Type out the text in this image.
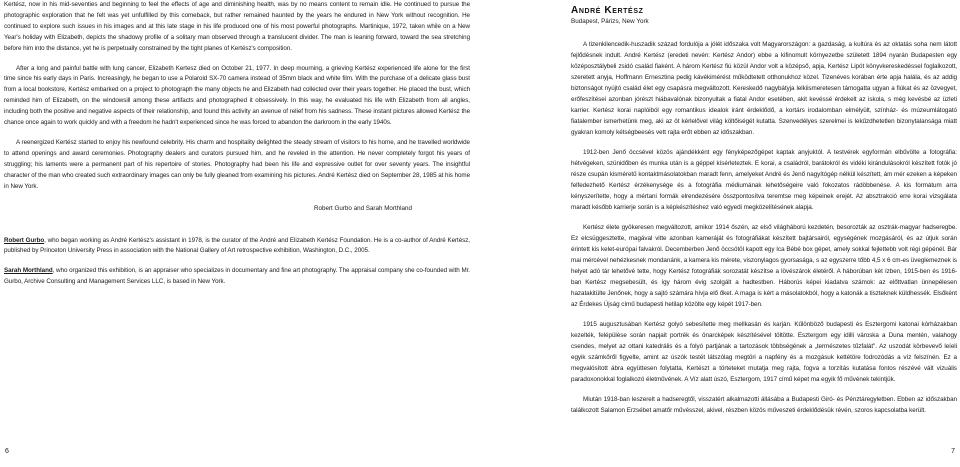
Kertész, now in his mid-seventies and beginning to feel the effects of age and diminishing health, was by no means content to remain idle. He continued to pursue the photographic exploration that he felt was yet unfulfilled by this comeback, but rather remained haunted by the years he endured in New York without recognition. He continued to explore such issues in his images and at this late stage in his life produced one of his most powerful photographs. Martinique, 1972, taken while on a New Year's holiday with Elizabeth, depicts the shadowy profile of a solitary man observed through a translucent divider. The man is leaning forward, toward the sea stretching before him into the distance, yet he is perpetually constrained by the tight planes of Kertész's composition.

After a long and painful battle with lung cancer, Elizabeth Kertesz died on October 21, 1977. In deep mourning, a grieving Kertész experienced life alone for the first time since his early days in Paris. Increasingly, he began to use a Polaroid SX-70 camera instead of 35mm black and white film. With the purchase of a delicate glass bust from a local bookstore, Kertész embarked on a project to photograph the many objects he and Elizabeth had collected over their years together. He placed the bust, which reminded him of Elizabeth, on the windowsill among these artifacts and photographed it obsessively. In this way, he evaluated his life with Elizabeth from all angles, including both the positive and negative aspects of their relationship, and found this activity an avenue of relief from his sadness. These instant pictures allowed Kertész the chance once again to work quickly and with a freedom he hadn't experienced since he was forced to abandon the darkroom in the early 1940s.

A reenergized Kertész started to enjoy his newfound celebrity. His charm and hospitality delighted the steady stream of visitors to his home, and he travelled worldwide to attend openings and award ceremonies. Photography dealers and curators pursued him, and he reveled in the attention. He never completely forgot his years of struggling; his laments were a permanent part of his repertoire of stories. Photography had been his life and expressive outlet for over seventy years. The insightful character of the man who created such extraordinary images can only be fully gleaned from examining his pictures. André Kertész died on September 28, 1985 at his home in New York.

Robert Gurbo and Sarah Morthland

Robert Gurbo, who began working as André Kertész's assistant in 1978, is the curator of the André and Elizabeth Kertész Foundation. He is a co-author of André Kertész, published by Princeton University Press in association with the National Gallery of Art retrospective exhibition, Washington, D.C., 2005.

Sarah Morthland, who organized this exhibition, is an appraiser who specializes in documentary and fine art photography. The appraisal company she co-founded with Mr. Gurbo, Archive Consulting and Management Services LLC, is based in New York.

6
André Kertész

Budapest, Párizs, New York

A tizenkilencedik-huszadik század fordulója a jólét időszaka volt Magyarországon: a gazdaság, a kultúra és az oktatás soha nem látott fejlődésnek indult. André Kertész (eredeti nevén: Kertész Andor) ebbe a kifinomult környezetbe született 1894 nyarán Budapesten egy középosztálybeli zsidó család fiaként. A három Kertész fiú közül Andor volt a középső, apja, Kertész Lipót könyvkereskedéssel foglalkozott, szeretett anyja, Hoffmann Ernesztina pedig kávékimérést működtetett otthonukhoz közel. Tizenéves korában érte apja halála, és az addig biztonságot nyújtó család élet egy csapásra megváltozott. Kereskedő nagybátyja lelkiismeretesen támogatta ugyan a fiúkat és az özvegyet, erőfeszítései azonban jórészt hiábavalónak bizonyultak a fiatal Andor esetében, akit kevéssé érdekelt az iskola, s még kevésbé az üzleti karrier. Kertész korai naplóiból egy romantikus idealok iránt érdeklődő, a kortárs irodalomban elmélyült, színház- és múzeumlátogató fiatalember ismerhetünk meg, aki az öt kérlelővel világ költőiségét kutatta. Szenvedélyes szerelmei is lekűzdhetetlen bizonytalansága miatt gyakran komoly kétségbeesés vett rajta erőt ebben az időszakban.

1912-ben Jenő öccsével közös ajándékként egy fényképezőgépet kaptak anyjuktól. A testvérek egyformán elbűvölte a fotográfia: hétvégeken, szünidőben és munka után is a géppel kísérleteztek. E korai, a családról, barátokról és vidéki kirándulásokról készített fotók jó része csupán kisméretű kontaktmásolatokban maradt fenn, amelyeket André és Jenő nagyítógép nélkül készített, ám mér ezeken a képeken felfedezhető Kertész érzékenysége és a fotográfia médiumának lehetőségeire való fokozatos rádöbbenése. A kis formátum arra kényszerítette, hogy a mértani formák elrendezésére összpontosítva teremtse meg képeinek erejét. Az absztrakció erre korai vizsgálata maradt később karrierje során is a képkészítéshez való egyedi megközelítésének alapja.

Kertész élete gyökeresen megváltozott, amikor 1914 őszén, az első világháború kezdetén, besorozták az osztrák-magyar hadseregbe. Ez elcsüggesztette, magával vitte azonban kameráját és fotográfiákat készített bajtársairól, egységének mozgásáról, és az útjuk során érintett kis kelet-európai falvakról. Decemberben Jenő öccsötöl kapott egy Ica Bébé box gépet, amely sokkal fejlettebb volt régi gépénél. Bár mai mércével nehézkesnek mondanánk, a kamera kis mérete, viszonylagos gyorsasága, s az egyszerre tőbb 4,5 x 6 cm-es üveglemeznek is helyet adó tár lehetővé tette, hogy Kertész fotográfiák sorozatát készítse a lövészárok életéről. A háborúban két ízben, 1915-ben és 1916-ban Kertész megsebesült, és így három évig szolgált a hadtestben. Háborús képei kiadatva számok: az előttvatlan ünnepélesen hazatakitülte Jenőnek, hogy a sajtó számára hívja elő őket. A maga is kért a másolatokból, hogy a katonák a tiszteknek küldhessék. Elsőként az Érdekes Újság című budapesti hetilap közölte egy képét 1917-ben.

1915 augusztusában Kertész golyó sebesítette meg mellkasán és karján. Kűlönböző budapesti és Esztergomi katonai kórházakban kezelték, felépülése során napjait portrék és önarcképek készítésével töltötte. Esztergom egy idilli városka a Duna mentén, valahogy csendes, melyet az ottani katedrális és a folyó partjának a tartozások többségének a „természetes tűzfalát". Az uszodát körbevevő leíeli egyik számkőről figyelte, amint az úszók testét látszólag megtöri a napfény és a mozgásuk kettétöre fodrozódás a víz felszínén. Ez a megvalósított ábra együttesen folytatta, Kertészt a törteteket mutatja meg rajta, fogva a torzítás kutatása fontos részévé vált vizuális paradoxonokkal foglalkozó életművének. A Víz alatt úszó, Esztergom, 1917 című képet ma egyik fő művének tekintjük.

Miután 1918-ban leszerelt a hadseregtől, visszatért alkalmazotti állásába a Budapesti Giró- és Pénztáregyletben. Ebben az időszakban találkozott Salamon Erzsébet amatőr művésszel, akivel, részben közös műveszeti érdeklődésük révén, szoros kapcsolatba került.

7
